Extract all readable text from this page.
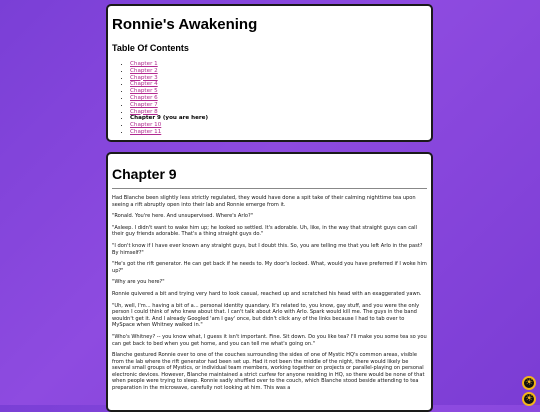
Ronnie's Awakening
Table Of Contents
• Chapter 1
• Chapter 2
• Chapter 3
• Chapter 4
• Chapter 5
• Chapter 6
• Chapter 7
• Chapter 8
• Chapter 9 (you are here)
• Chapter 10
• Chapter 11
Chapter 9

Had Blanche been slightly less strictly regulated, they would have done a spit take of their calming nighttime tea upon seeing a rift abruptly open into their lab and Ronnie emerge from it.

"Ronald. You're here. And unsupervised. Where's Arlo?"

"Asleep. I didn't want to wake him up; he looked so settled. It's adorable. Uh, like, in the way that straight guys can call their guy friends adorable. That's a thing straight guys do."

"I don't know if I have ever known any straight guys, but I doubt this. So, you are telling me that you left Arlo in the past? By himself?"

"He's got the rift generator. He can get back if he needs to. My door's locked. What, would you have preferred if I woke him up?"

"Why are you here?"

Ronnie quivered a bit and trying very hard to look casual, reached up and scratched his head with an exaggerated yawn.

"Uh, well, I'm... having a bit of a... personal identity quandary. It's related to, you know, gay stuff, and you were the only person I could think of who knew about that. I can't talk about Arlo with Arlo. Spark would kill me. The guys in the band wouldn't get it. And I already Googled 'am I gay' once, but didn't click any of the links because I had to tab over to MySpace when Whitney walked in."

"Who's Whitney? -- you know what, I guess it isn't important. Fine. Sit down. Do you like tea? I'll make you some tea so you can get back to bed when you get home, and you can tell me what's going on."

Blanche gestured Ronnie over to one of the couches surrounding the sides of one of Mystic HQ's common areas, visible from the lab where the rift generator had been set up. Had it not been the middle of the night, there would likely be several small groups of Mystics, or individual team members, working together on projects or parallel-playing on personal electronic devices. However, Blanche maintained a strict curfew for anyone residing in HQ, so there would be none of that when people were trying to sleep. Ronnie sadly shuffled over to the couch, which Blanche stood beside attending to tea preparation in the microwave, carefully not looking at him. This was a

☀
☀
